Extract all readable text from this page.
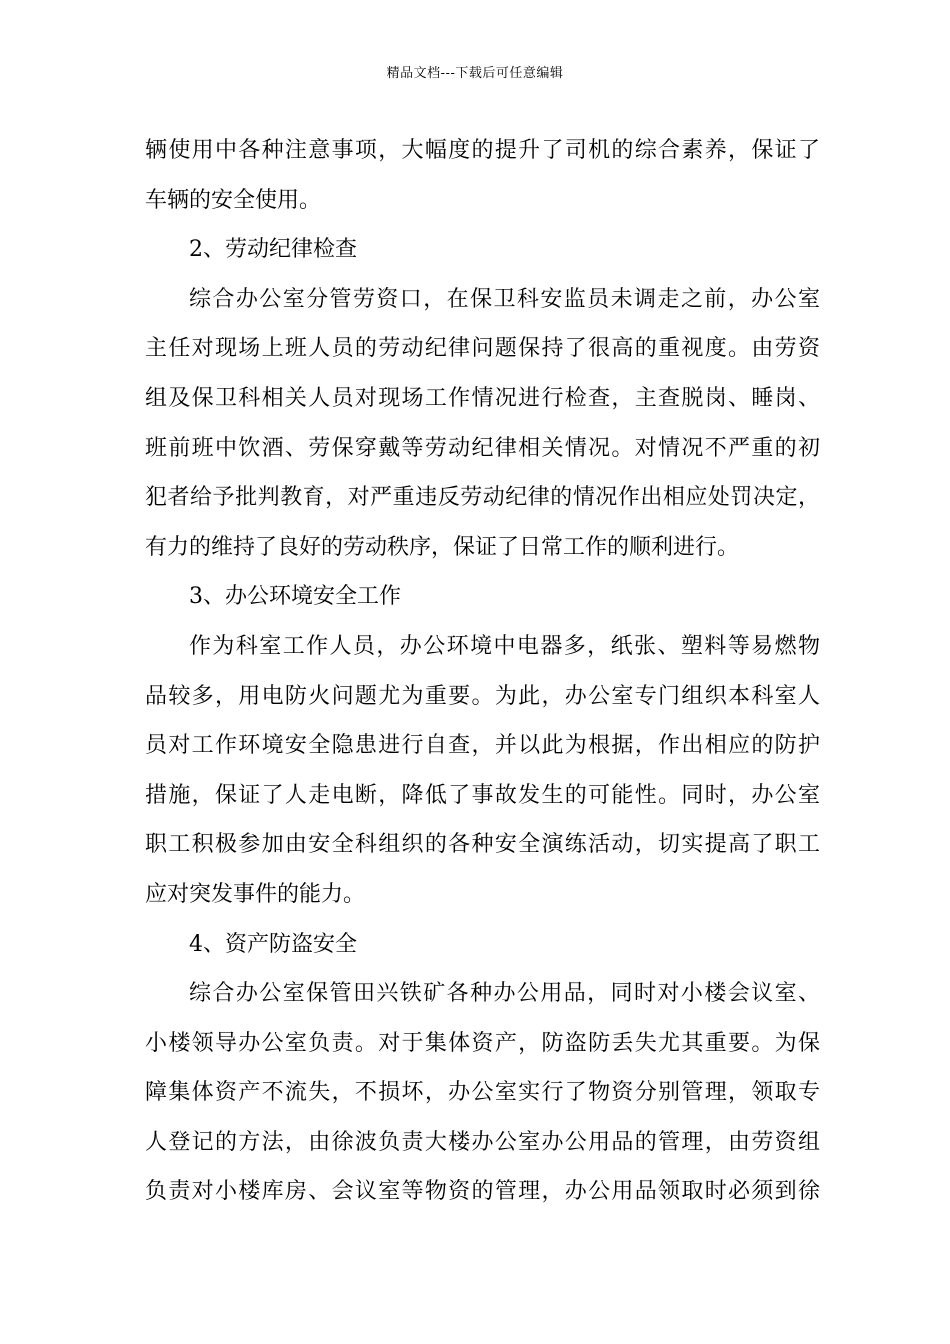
精品文档---下载后可任意编辑
辆使用中各种注意事项，大幅度的提升了司机的综合素养，保证了
车辆的安全使用。
2、劳动纪律检查
综合办公室分管劳资口，在保卫科安监员未调走之前，办公室
主任对现场上班人员的劳动纪律问题保持了很高的重视度。由劳资
组及保卫科相关人员对现场工作情况进行检查，主查脱岗、睡岗、
班前班中饮酒、劳保穿戴等劳动纪律相关情况。对情况不严重的初
犯者给予批判教育，对严重违反劳动纪律的情况作出相应处罚决定，
有力的维持了良好的劳动秩序，保证了日常工作的顺利进行。
3、办公环境安全工作
作为科室工作人员，办公环境中电器多，纸张、塑料等易燃物
品较多，用电防火问题尤为重要。为此，办公室专门组织本科室人
员对工作环境安全隐患进行自查，并以此为根据，作出相应的防护
措施，保证了人走电断，降低了事故发生的可能性。同时，办公室
职工积极参加由安全科组织的各种安全演练活动，切实提高了职工
应对突发事件的能力。
4、资产防盗安全
综合办公室保管田兴铁矿各种办公用品，同时对小楼会议室、
小楼领导办公室负责。对于集体资产，防盗防丢失尤其重要。为保
障集体资产不流失，不损坏，办公室实行了物资分别管理，领取专
人登记的方法，由徐波负责大楼办公室办公用品的管理，由劳资组
负责对小楼库房、会议室等物资的管理，办公用品领取时必须到徐
